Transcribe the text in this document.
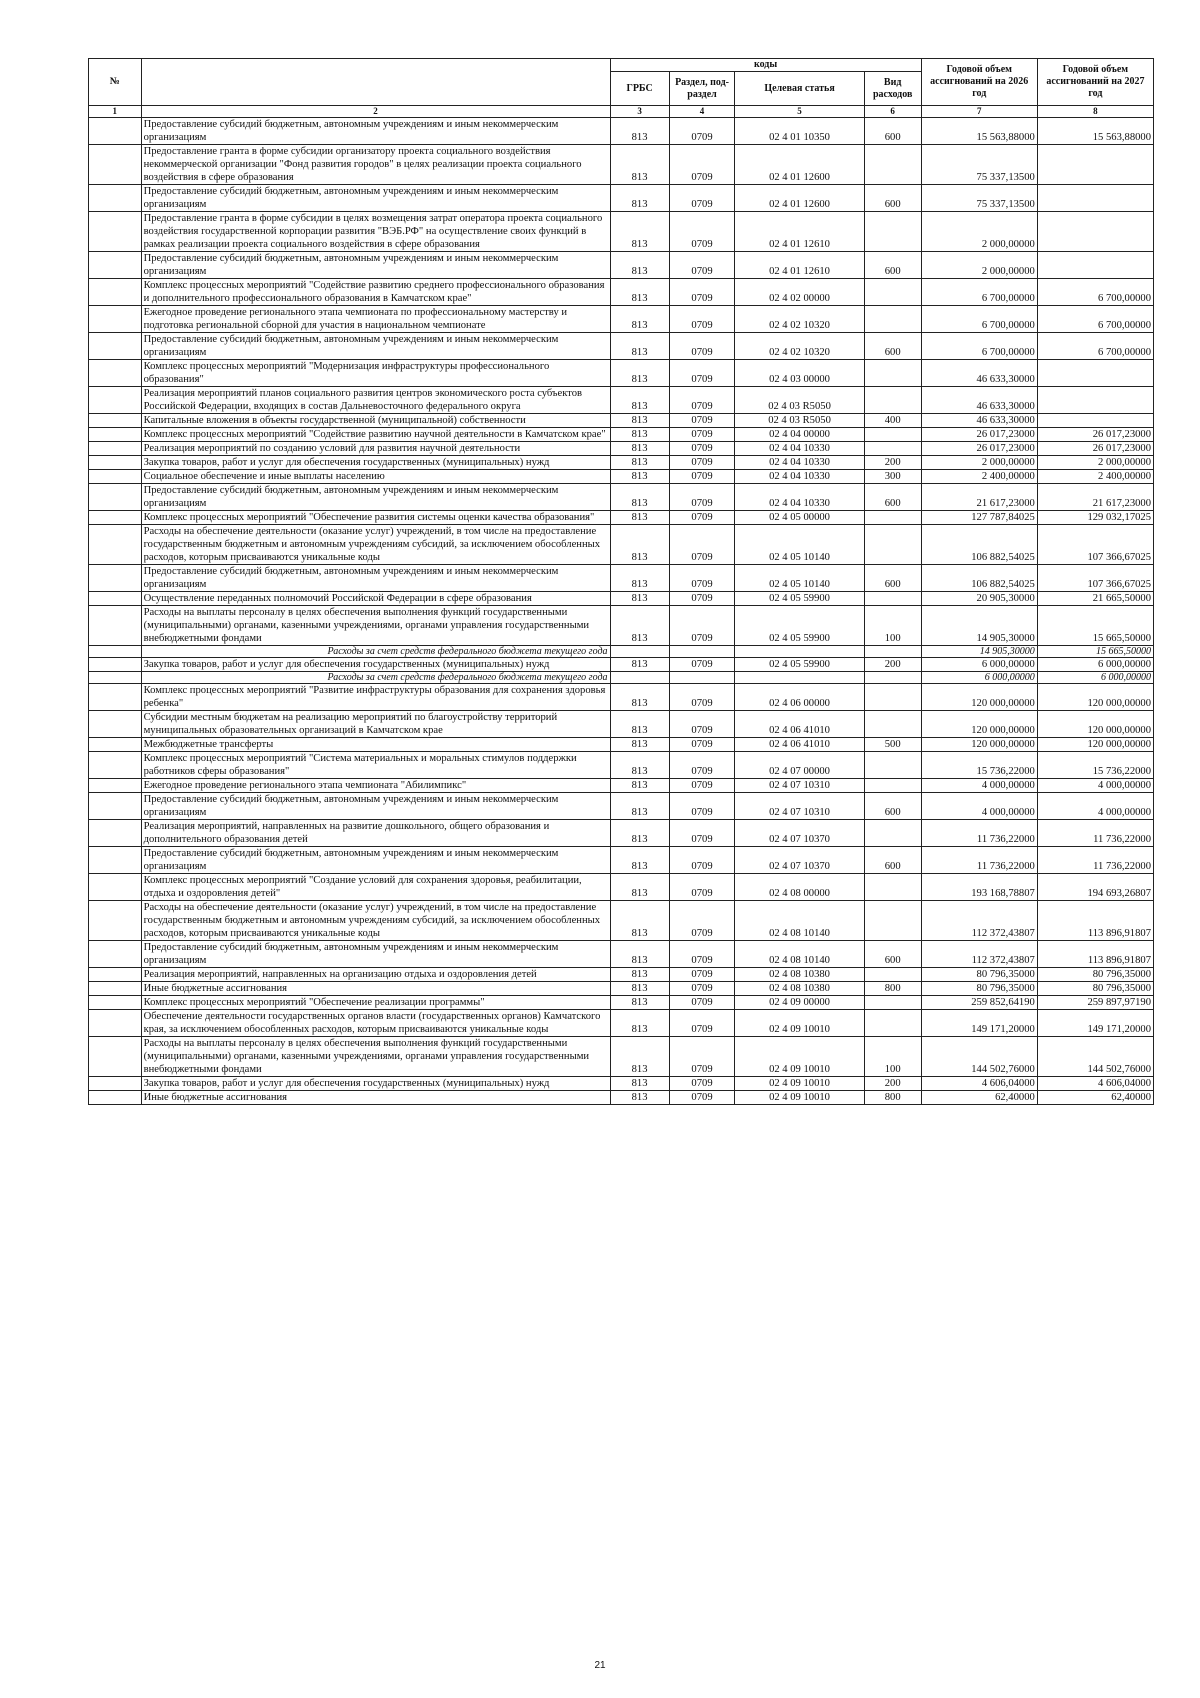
№		коды				Годовой объем ассигнований на 2026 год	Годовой объем ассигнований на 2027 год
		ГРБС	Раздел, под-раздел	Целевая статья	Вид расходов		
1	2	3	4	5	6	7	8
	Предоставление субсидий бюджетным, автономным учреждениям и иным некоммерческим организациям	813	0709	02 4 01 10350	600	15 563,88000	15 563,88000
	Предоставление гранта в форме субсидии организатору проекта социального воздействия некоммерческой организации "Фонд развития городов" в целях реализации проекта социального воздействия в сфере образования	813	0709	02 4 01 12600		75 337,13500	
	Предоставление субсидий бюджетным, автономным учреждениям и иным некоммерческим организациям	813	0709	02 4 01 12600	600	75 337,13500	
	Предоставление гранта в форме субсидии в целях возмещения затрат оператора проекта социального воздействия государственной корпорации развития "ВЭБ.РФ" на осуществление своих функций в рамках реализации проекта социального воздействия в сфере образования	813	0709	02 4 01 12610		2 000,00000	
	Предоставление субсидий бюджетным, автономным учреждениям и иным некоммерческим организациям	813	0709	02 4 01 12610	600	2 000,00000	
	Комплекс процессных мероприятий "Содействие развитию среднего профессионального образования и дополнительного профессионального образования в Камчатском крае"	813	0709	02 4 02 00000		6 700,00000	6 700,00000
	Ежегодное проведение регионального этапа чемпионата по профессиональному мастерству и подготовка региональной сборной для участия в национальном чемпионате	813	0709	02 4 02 10320		6 700,00000	6 700,00000
	Предоставление субсидий бюджетным, автономным учреждениям и иным некоммерческим организациям	813	0709	02 4 02 10320	600	6 700,00000	6 700,00000
	Комплекс процессных мероприятий "Модернизация инфраструктуры профессионального образования"	813	0709	02 4 03 00000		46 633,30000	
	Реализация мероприятий планов социального развития центров экономического роста субъектов Российской Федерации, входящих в состав Дальневосточного федерального округа	813	0709	02 4 03 R5050		46 633,30000	
	Капитальные вложения в объекты государственной (муниципальной) собственности	813	0709	02 4 03 R5050	400	46 633,30000	
	Комплекс процессных мероприятий "Содействие развитию научной деятельности в Камчатском крае"	813	0709	02 4 04 00000		26 017,23000	26 017,23000
	Реализация мероприятий по созданию условий для развития научной деятельности	813	0709	02 4 04 10330		26 017,23000	26 017,23000
	Закупка товаров, работ и услуг для обеспечения государственных (муниципальных) нужд	813	0709	02 4 04 10330	200	2 000,00000	2 000,00000
	Социальное обеспечение и иные выплаты населению	813	0709	02 4 04 10330	300	2 400,00000	2 400,00000
	Предоставление субсидий бюджетным, автономным учреждениям и иным некоммерческим организациям	813	0709	02 4 04 10330	600	21 617,23000	21 617,23000
	Комплекс процессных мероприятий "Обеспечение развития системы оценки качества образования"	813	0709	02 4 05 00000		127 787,84025	129 032,17025
	Расходы на обеспечение деятельности (оказание услуг) учреждений, в том числе на предоставление государственным бюджетным и автономным учреждениям субсидий, за исключением обособленных расходов, которым присваиваются уникальные коды	813	0709	02 4 05 10140		106 882,54025	107 366,67025
	Предоставление субсидий бюджетным, автономным учреждениям и иным некоммерческим организациям	813	0709	02 4 05 10140	600	106 882,54025	107 366,67025
	Осуществление переданных полномочий Российской Федерации в сфере образования	813	0709	02 4 05 59900		20 905,30000	21 665,50000
	Расходы на выплаты персоналу в целях обеспечения выполнения функций государственными (муниципальными) органами, казенными учреждениями, органами управления государственными внебюджетными фондами	813	0709	02 4 05 59900	100	14 905,30000	15 665,50000
	Расходы за счет средств федерального бюджета текущего года					14 905,30000	15 665,50000
	Закупка товаров, работ и услуг для обеспечения государственных (муниципальных) нужд	813	0709	02 4 05 59900	200	6 000,00000	6 000,00000
	Расходы за счет средств федерального бюджета текущего года					6 000,00000	6 000,00000
	Комплекс процессных мероприятий "Развитие инфраструктуры образования для сохранения здоровья ребенка"	813	0709	02 4 06 00000		120 000,00000	120 000,00000
	Субсидии местным бюджетам на реализацию мероприятий по благоустройству территорий муниципальных образовательных организаций в Камчатском крае	813	0709	02 4 06 41010		120 000,00000	120 000,00000
	Межбюджетные трансферты	813	0709	02 4 06 41010	500	120 000,00000	120 000,00000
	Комплекс процессных мероприятий "Система материальных и моральных стимулов поддержки работников сферы образования"	813	0709	02 4 07 00000		15 736,22000	15 736,22000
	Ежегодное проведение регионального этапа чемпионата "Абилимпикс"	813	0709	02 4 07 10310		4 000,00000	4 000,00000
	Предоставление субсидий бюджетным, автономным учреждениям и иным некоммерческим организациям	813	0709	02 4 07 10310	600	4 000,00000	4 000,00000
	Реализация мероприятий, направленных на развитие дошкольного, общего образования и дополнительного образования детей	813	0709	02 4 07 10370		11 736,22000	11 736,22000
	Предоставление субсидий бюджетным, автономным учреждениям и иным некоммерческим организациям	813	0709	02 4 07 10370	600	11 736,22000	11 736,22000
	Комплекс процессных мероприятий "Создание условий для сохранения здоровья, реабилитации, отдыха и оздоровления детей"	813	0709	02 4 08 00000		193 168,78807	194 693,26807
	Расходы на обеспечение деятельности (оказание услуг) учреждений, в том числе на предоставление государственным бюджетным и автономным учреждениям субсидий, за исключением обособленных расходов, которым присваиваются уникальные коды	813	0709	02 4 08 10140		112 372,43807	113 896,91807
	Предоставление субсидий бюджетным, автономным учреждениям и иным некоммерческим организациям	813	0709	02 4 08 10140	600	112 372,43807	113 896,91807
	Реализация мероприятий, направленных на организацию отдыха и оздоровления детей	813	0709	02 4 08 10380		80 796,35000	80 796,35000
	Иные бюджетные ассигнования	813	0709	02 4 08 10380	800	80 796,35000	80 796,35000
	Комплекс процессных мероприятий "Обеспечение реализации программы"	813	0709	02 4 09 00000		259 852,64190	259 897,97190
	Обеспечение деятельности государственных органов власти (государственных органов) Камчатского края, за исключением обособленных расходов, которым присваиваются уникальные коды	813	0709	02 4 09 10010		149 171,20000	149 171,20000
	Расходы на выплаты персоналу в целях обеспечения выполнения функций государственными (муниципальными) органами, казенными учреждениями, органами управления государственными внебюджетными фондами	813	0709	02 4 09 10010	100	144 502,76000	144 502,76000
	Закупка товаров, работ и услуг для обеспечения государственных (муниципальных) нужд	813	0709	02 4 09 10010	200	4 606,04000	4 606,04000
	Иные бюджетные ассигнования	813	0709	02 4 09 10010	800	62,40000	62,40000
21
